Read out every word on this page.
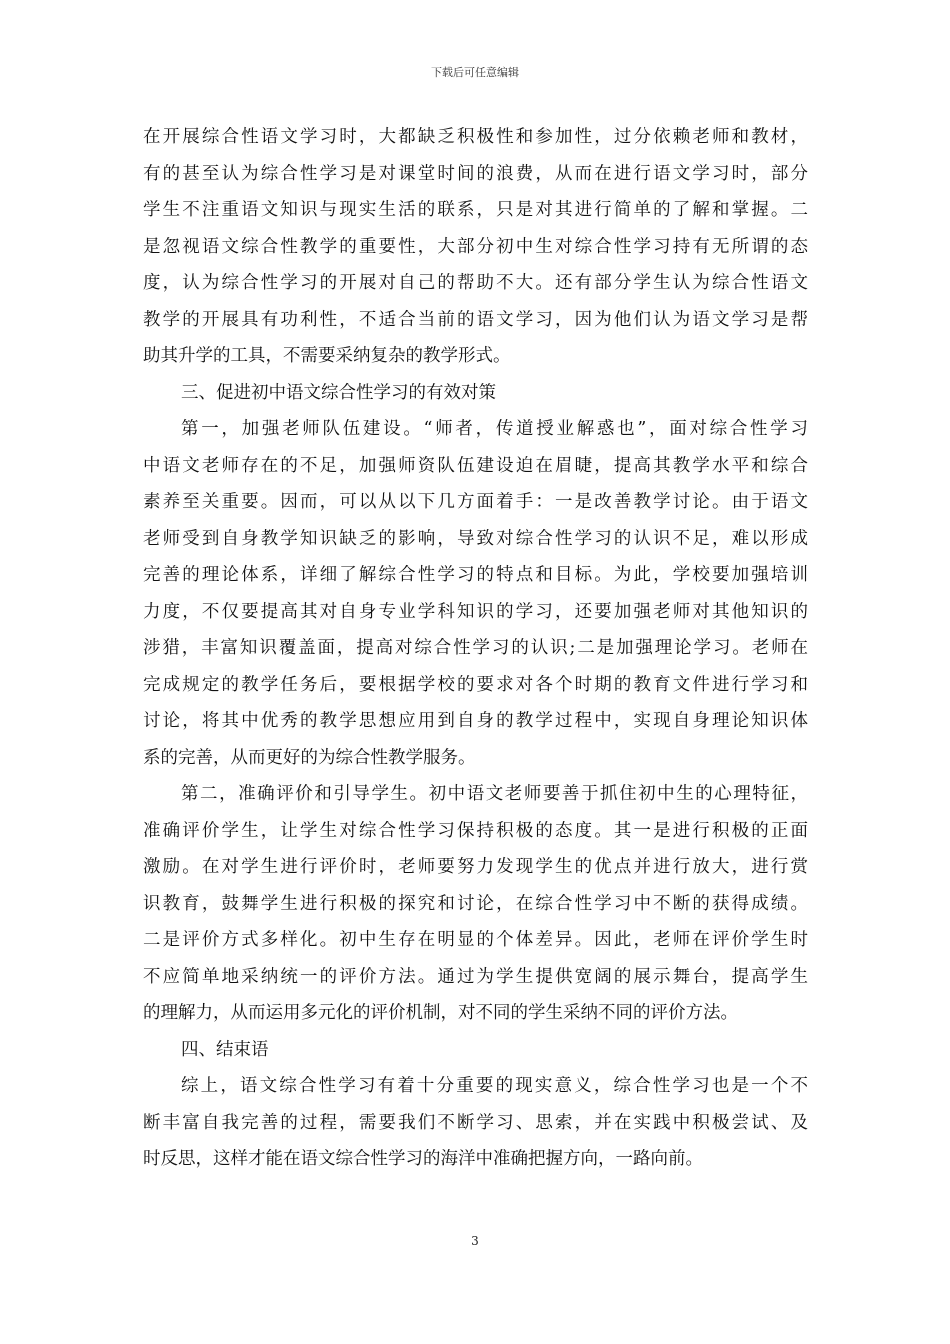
下载后可任意编辑
在开展综合性语文学习时，大都缺乏积极性和参加性，过分依赖老师和教材，
有的甚至认为综合性学习是对课堂时间的浪费，从而在进行语文学习时，部分
学生不注重语文知识与现实生活的联系，只是对其进行简单的了解和掌握。二
是忽视语文综合性教学的重要性，大部分初中生对综合性学习持有无所谓的态
度，认为综合性学习的开展对自己的帮助不大。还有部分学生认为综合性语文
教学的开展具有功利性，不适合当前的语文学习，因为他们认为语文学习是帮
助其升学的工具，不需要采纳复杂的教学形式。
三、促进初中语文综合性学习的有效对策
第一，加强老师队伍建设。“师者，传道授业解惑也”，面对综合性学习
中语文老师存在的不足，加强师资队伍建设迫在眉睫，提高其教学水平和综合
素养至关重要。因而，可以从以下几方面着手：一是改善教学讨论。由于语文
老师受到自身教学知识缺乏的影响，导致对综合性学习的认识不足，难以形成
完善的理论体系，详细了解综合性学习的特点和目标。为此，学校要加强培训
力度，不仅要提高其对自身专业学科知识的学习，还要加强老师对其他知识的
涉猎，丰富知识覆盖面，提高对综合性学习的认识;二是加强理论学习。老师在
完成规定的教学任务后，要根据学校的要求对各个时期的教育文件进行学习和
讨论，将其中优秀的教学思想应用到自身的教学过程中，实现自身理论知识体
系的完善，从而更好的为综合性教学服务。
第二，准确评价和引导学生。初中语文老师要善于抓住初中生的心理特征，
准确评价学生，让学生对综合性学习保持积极的态度。其一是进行积极的正面
激励。在对学生进行评价时，老师要努力发现学生的优点并进行放大，进行赏
识教育，鼓舞学生进行积极的探究和讨论，在综合性学习中不断的获得成绩。
二是评价方式多样化。初中生存在明显的个体差异。因此，老师在评价学生时
不应简单地采纳统一的评价方法。通过为学生提供宽阔的展示舞台，提高学生
的理解力，从而运用多元化的评价机制，对不同的学生采纳不同的评价方法。
四、结束语
综上，语文综合性学习有着十分重要的现实意义，综合性学习也是一个不
断丰富自我完善的过程，需要我们不断学习、思索，并在实践中积极尝试、及
时反思，这样才能在语文综合性学习的海洋中准确把握方向，一路向前。
3
